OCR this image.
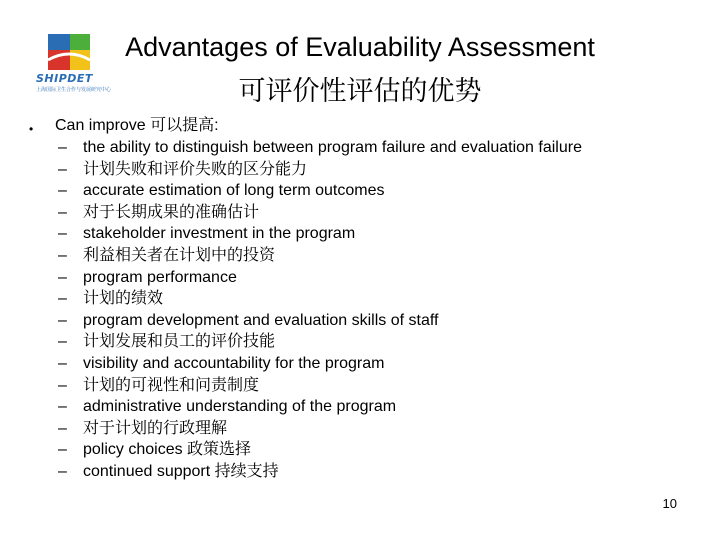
SHIPDET
上海国际卫生合作与发展研究中心
Advantages of Evaluability Assessment
可评价性评估的优势
• Can improve 可以提高:
–	the ability to distinguish between program failure and evaluation failure
–	计划失败和评价失败的区分能力
–	accurate estimation of long term outcomes
–	对于长期成果的准确估计
–	stakeholder investment in the program
–	利益相关者在计划中的投资
–	program performance
–	计划的绩效
–	program development and evaluation skills of staff
–	计划发展和员工的评价技能
–	visibility and accountability for the program
–	计划的可视性和问责制度
–	administrative understanding of the program
–	对于计划的行政理解
–	policy choices 政策选择
–	continued support 持续支持
10
